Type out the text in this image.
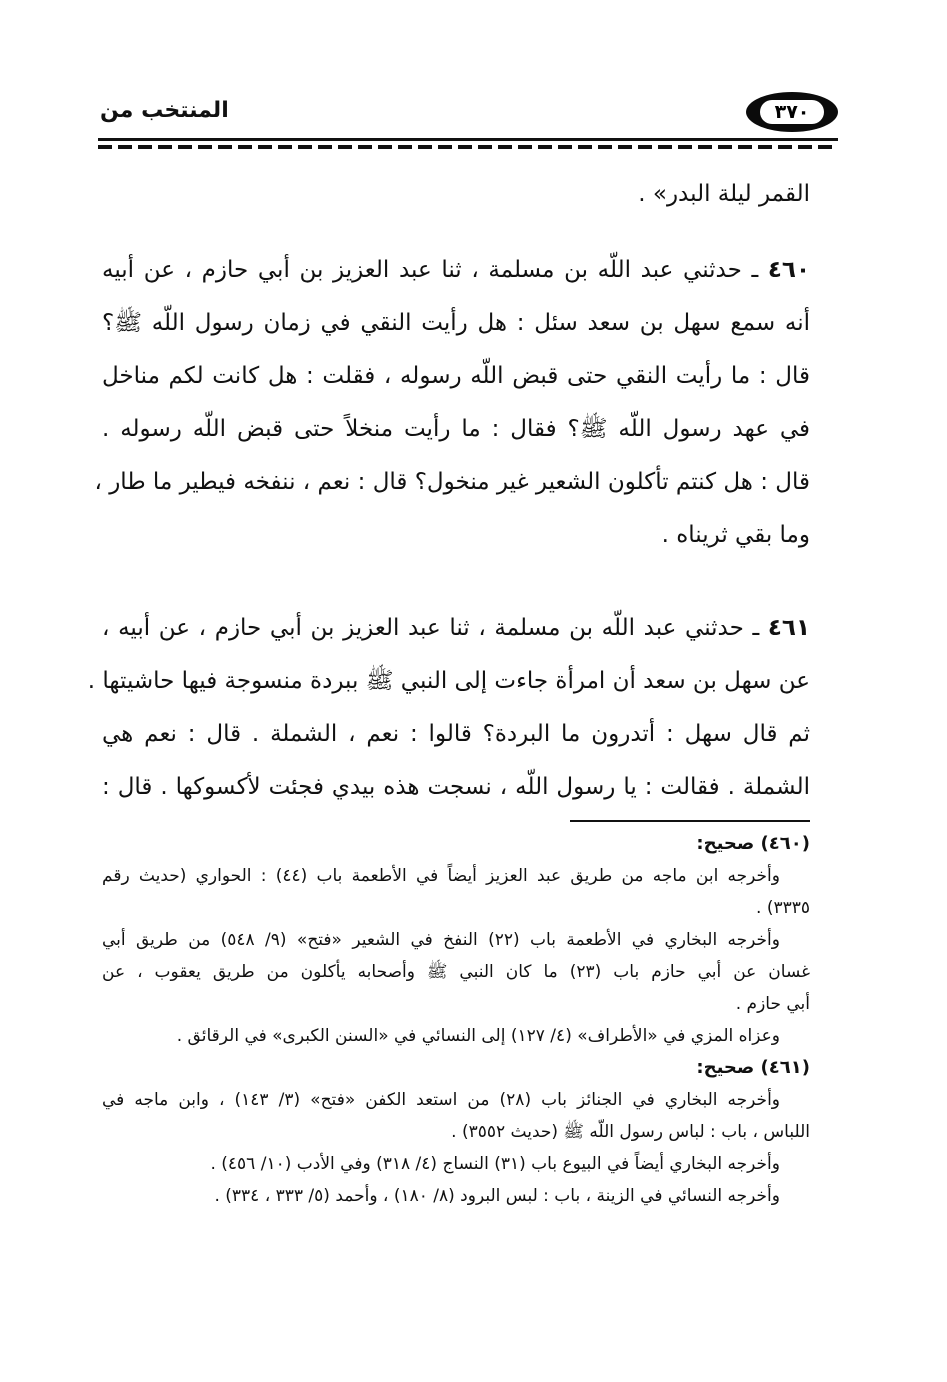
٣٧٠
المنتخب من
القمر ليلة البدر» .
٤٦٠ ـ حدثني عبد اللّه بن مسلمة ، ثنا عبد العزيز بن أبي حازم ، عن أبيه
أنه سمع سهل بن سعد سئل : هل رأيت النقي في زمان رسول اللّه ﷺ؟
قال : ما رأيت النقي حتى قبض اللّه رسوله ، فقلت : هل كانت لكم مناخل
في عهد رسول اللّه ﷺ؟ فقال : ما رأيت منخلاً حتى قبض اللّه رسوله .
قال : هل كنتم تأكلون الشعير غير منخول؟ قال : نعم ، ننفخه فيطير ما طار ،
وما بقي ثريناه .
٤٦١ ـ حدثني عبد اللّه بن مسلمة ، ثنا عبد العزيز بن أبي حازم ، عن أبيه ،
عن سهل بن سعد أن امرأة جاءت إلى النبي ﷺ ببردة منسوجة فيها حاشيتها .
ثم قال سهل : أتدرون ما البردة؟ قالوا : نعم ، الشملة . قال : نعم هي
الشملة . فقالت : يا رسول اللّه ، نسجت هذه بيدي فجئت لأكسوكها . قال :
(٤٦٠) صحيح:
وأخرجه ابن ماجه من طريق عبد العزيز أيضاً في الأطعمة باب (٤٤) : الحواري (حديث رقم
٣٣٣٥) .
وأخرجه البخاري في الأطعمة باب (٢٢) النفخ في الشعير «فتح» (٩/ ٥٤٨) من طريق أبي
غسان عن أبي حازم باب (٢٣) ما كان النبي ﷺ وأصحابه يأكلون من طريق يعقوب ، عن
أبي حازم .
وعزاه المزي في «الأطراف» (٤/ ١٢٧) إلى النسائي في «السنن الكبرى» في الرقائق .
(٤٦١) صحيح:
وأخرجه البخاري في الجنائز باب (٢٨) من استعد الكفن «فتح» (٣/ ١٤٣) ، وابن ماجه في
اللباس ، باب : لباس رسول اللّه ﷺ (حديث ٣٥٥٢) .
وأخرجه البخاري أيضاً في البيوع باب (٣١) النساج (٤/ ٣١٨) وفي الأدب (١٠/ ٤٥٦) .
وأخرجه النسائي في الزينة ، باب : لبس البرود (٨/ ١٨٠) ، وأحمد (٥/ ٣٣٣ ، ٣٣٤) .
